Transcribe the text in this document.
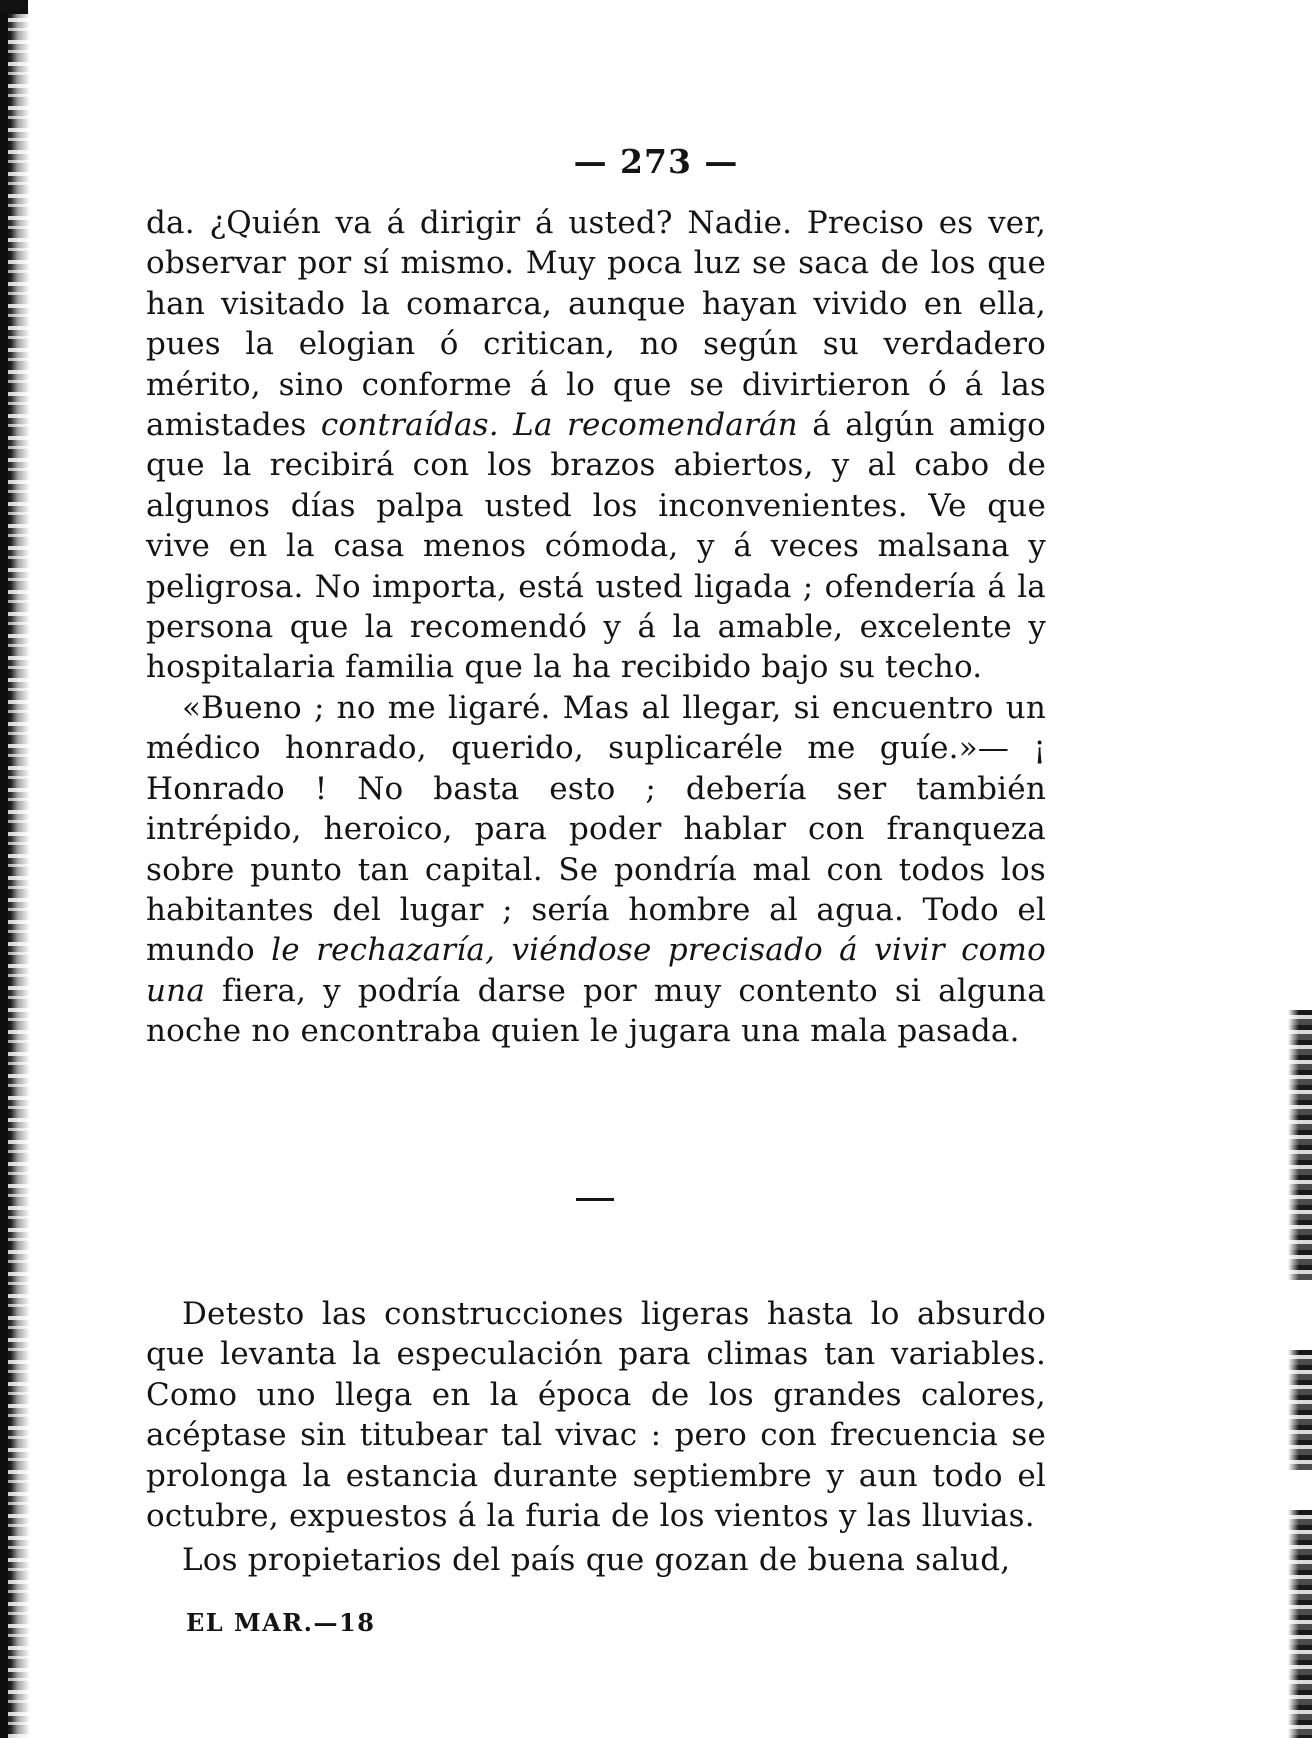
— 273 —

da. ¿Quién va á dirigir á usted? Nadie. Preciso es ver, observar por sí mismo. Muy poca luz se saca de los que han visitado la comarca, aunque hayan vivido en ella, pues la elogian ó critican, no según su verdadero mérito, sino conforme á lo que se divirtieron ó á las amistades contraídas. La recomendarán á algún amigo que la recibirá con los brazos abiertos, y al cabo de algunos días palpa usted los inconvenientes. Ve que vive en la casa menos cómoda, y á veces malsana y peligrosa. No importa, está usted ligada ; ofendería á la persona que la recomendó y á la amable, excelente y hospitalaria familia que la ha recibido bajo su techo.

«Bueno ; no me ligaré. Mas al llegar, si encuentro un médico honrado, querido, suplicaréle me guíe.»— ¡ Honrado ! No basta esto ; debería ser también intrépido, heroico, para poder hablar con franqueza sobre punto tan capital. Se pondría mal con todos los habitantes del lugar ; sería hombre al agua. Todo el mundo le rechazaría, viéndose precisado á vivir como una fiera, y podría darse por muy contento si alguna noche no encontraba quien le jugara una mala pasada.

Detesto las construcciones ligeras hasta lo absurdo que levanta la especulación para climas tan variables. Como uno llega en la época de los grandes calores, acéptase sin titubear tal vivac : pero con frecuencia se prolonga la estancia durante septiembre y aun todo el octubre, expuestos á la furia de los vientos y las lluvias.

Los propietarios del país que gozan de buena salud,

EL MAR.—18
